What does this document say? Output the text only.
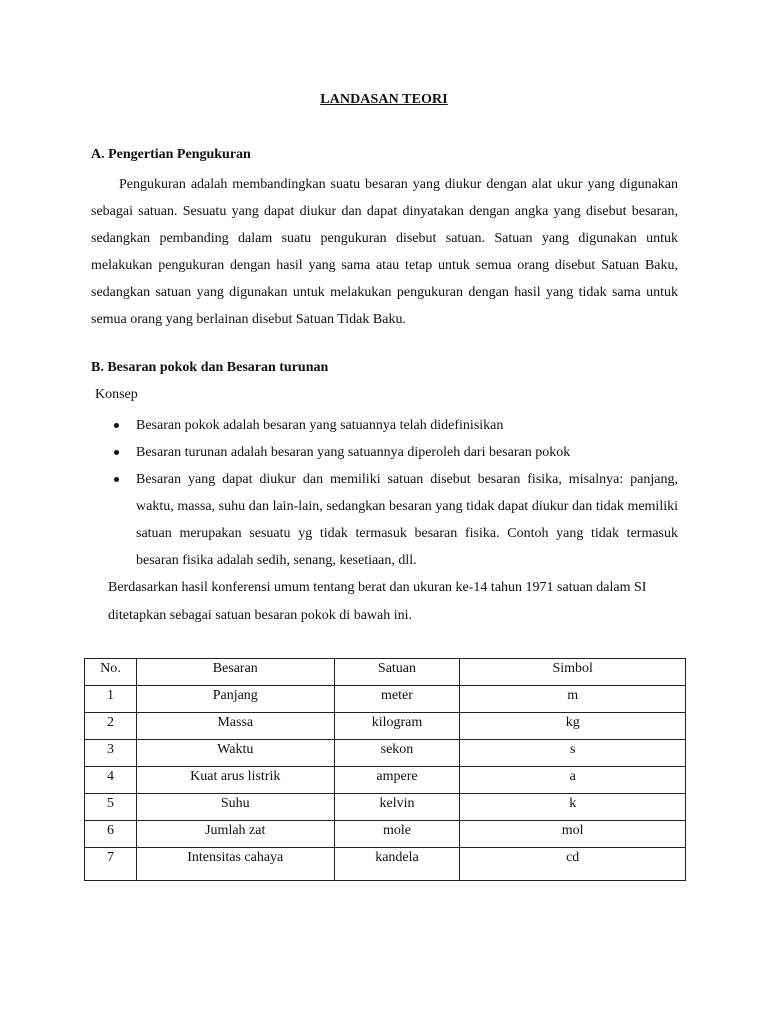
LANDASAN TEORI
A. Pengertian Pengukuran

Pengukuran adalah membandingkan suatu besaran yang diukur dengan alat ukur yang digunakan sebagai satuan. Sesuatu yang dapat diukur dan dapat dinyatakan dengan angka yang disebut besaran, sedangkan pembanding dalam suatu pengukuran disebut satuan. Satuan yang digunakan untuk melakukan pengukuran dengan hasil yang sama atau tetap untuk semua orang disebut Satuan Baku, sedangkan satuan yang digunakan untuk melakukan pengukuran dengan hasil yang tidak sama untuk semua orang yang berlainan disebut Satuan Tidak Baku.

B. Besaran pokok dan Besaran turunan
Konsep
Besaran pokok adalah besaran yang satuannya telah didefinisikan
Besaran turunan adalah besaran yang satuannya diperoleh dari besaran pokok
Besaran yang dapat diukur dan memiliki satuan disebut besaran fisika, misalnya: panjang, waktu, massa, suhu dan lain-lain, sedangkan besaran yang tidak dapat diukur dan tidak memiliki satuan merupakan sesuatu yg tidak termasuk besaran fisika. Contoh yang tidak termasuk besaran fisika adalah sedih, senang, kesetiaan, dll.

Berdasarkan hasil konferensi umum tentang berat dan ukuran ke-14 tahun 1971 satuan dalam SI ditetapkan sebagai satuan besaran pokok di bawah ini.

No.	Besaran	Satuan	Simbol
1	Panjang	meter	m
2	Massa	kilogram	kg
3	Waktu	sekon	s
4	Kuat arus listrik	ampere	a
5	Suhu	kelvin	k
6	Jumlah zat	mole	mol
7	Intensitas cahaya	kandela	cd
